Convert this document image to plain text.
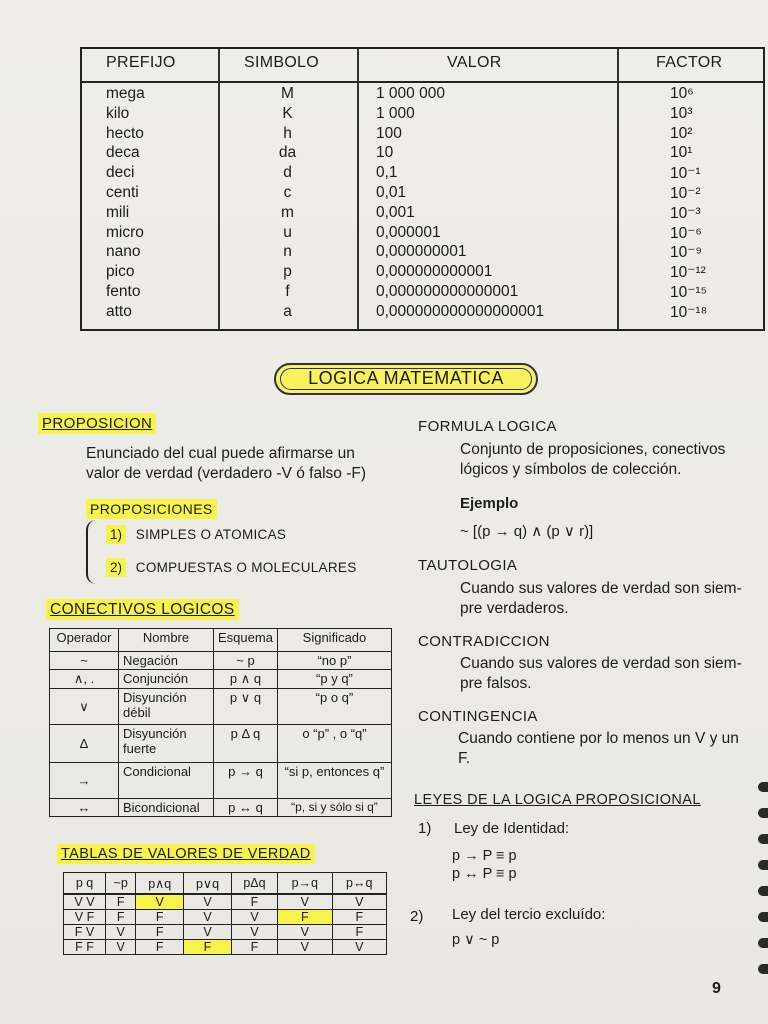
PREFIJO	SIMBOLO	VALOR	FACTOR
mega	M	1 000 000	10⁶
kilo	K	1 000	10³
hecto	h	100	10²
deca	da	10	10¹
deci	d	0,1	10⁻¹
centi	c	0,01	10⁻²
mili	m	0,001	10⁻³
micro	u	0,000001	10⁻⁶
nano	n	0,000000001	10⁻⁹
pico	p	0,000000000001	10⁻¹²
fento	f	0,000000000000001	10⁻¹⁵
atto	a	0,000000000000000001	10⁻¹⁸
LOGICA MATEMATICA
PROPOSICION
Enunciado del cual puede afirmarse un
valor de verdad (verdadero -V ó falso -F)
PROPOSICIONES
1) SIMPLES O ATOMICAS
2) COMPUESTAS O MOLECULARES
CONECTIVOS LOGICOS
Operador	Nombre	Esquema	Significado
~	Negación	~ p	“no p”
∧, .	Conjunción	p ∧ q	“p y q”
∨	Disyunción débil	p ∨ q	“p o q”
Δ	Disyunción fuerte	p Δ q	o “p” , o “q”
→	Condicional	p → q	“si p, entonces q”
↔	Bicondicional	p ↔ q	“p, si y sólo si q”
TABLAS DE VALORES DE VERDAD
p q	~p	p∧q	p∨q	pΔq	p→q	p↔q
V V	F	V	V	F	V	V
V F	F	F	V	V	F	F
F V	V	F	V	V	V	F
F F	V	F	F	F	V	V
FORMULA LOGICA
Conjunto de proposiciones, conectivos
lógicos y símbolos de colección.
Ejemplo
~ [(p → q) ∧ (p ∨ r)]
TAUTOLOGIA
Cuando sus valores de verdad son siem-
pre verdaderos.
CONTRADICCION
Cuando sus valores de verdad son siem-
pre falsos.
CONTINGENCIA
Cuando contiene por lo menos un V y un
F.
LEYES DE LA LOGICA PROPOSICIONAL
1) Ley de Identidad:
p → P ≡ p
p ↔ P ≡ p
2) Ley del tercio excluído:
p ∨ ~ p
9
